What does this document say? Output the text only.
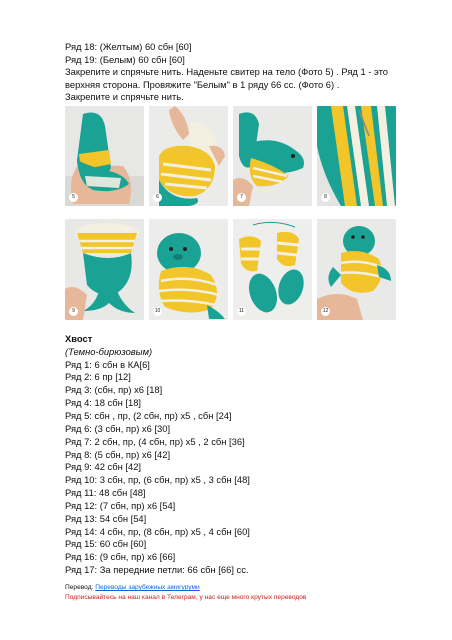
Ряд 18: (Желтым) 60 сбн [60]
Ряд 19: (Белым) 60 сбн [60]
Закрепите и спрячьте нить. Наденьте свитер на тело (Фото 5) . Ряд 1 - это
верхняя сторона. Провяжите "Белым" в 1 ряду 66 сс. (Фото 6) .
Закрепите и спрячьте нить.
5	6	7	8
9	10	11	12
Хвост
(Темно-бирюзовым)
Ряд 1: 6 сбн в КА[6]
Ряд 2: 6 пр [12]
Ряд 3: (сбн, пр) х6 [18]
Ряд 4: 18 сбн [18]
Ряд 5: сбн , пр, (2 сбн, пр) х5 , сбн [24]
Ряд 6: (3 сбн, пр) х6 [30]
Ряд 7: 2 сбн, пр, (4 сбн, пр) х5 , 2 сбн [36]
Ряд 8: (5 сбн, пр) х6 [42]
Ряд 9: 42 сбн [42]
Ряд 10: 3 сбн, пр, (6 сбн, пр) х5 , 3 сбн [48]
Ряд 11: 48 сбн [48]
Ряд 12: (7 сбн, пр) х6 [54]
Ряд 13: 54 сбн [54]
Ряд 14: 4 сбн, пр, (8 сбн, пр) х5 , 4 сбн [60]
Ряд 15: 60 сбн [60]
Ряд 16: (9 сбн, пр) х6 [66]
Ряд 17: За передние петли: 66 сбн [66] сс.
Перевод: Переводы зарубежных амигуруми
Подписывайтесь на наш канал в Телеграм, у нас еще много крутых переводов
